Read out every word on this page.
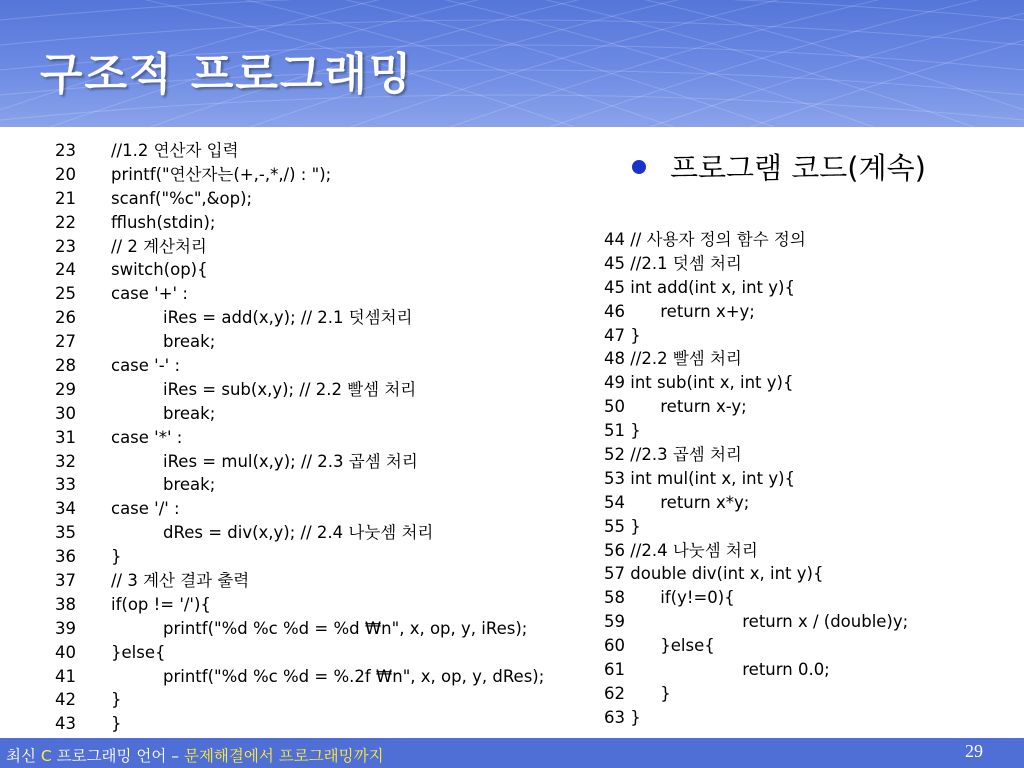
구조적 프로그래밍
23 //1.2 연산자 입력
20 printf("연산자는(+,-,*,/) : ");
21 scanf("%c",&op);
22 fflush(stdin);
23 // 2 계산처리
24 switch(op){
25 case '+' :
26	iRes = add(x,y); // 2.1 덧셈처리
27	break;
28 case '-' :
29	iRes = sub(x,y); // 2.2 빨셈 처리
30	break;
31 case '*' :
32	iRes = mul(x,y); // 2.3 곱셈 처리
33	break;
34 case '/' :
35	dRes = div(x,y); // 2.4 나눗셈 처리
36 }
37 // 3 계산 결과 출력
38 if(op != '/'){
39	printf("%d %c %d = %d ₩n", x, op, y, iRes);
40 }else{
41	printf("%d %c %d = %.2f ₩n", x, op, y, dRes);
42 }
43 }
프로그램 코드(계속)
44 // 사용자 정의 함수 정의
45 //2.1 덧셈 처리
45 int add(int x, int y){
46 return x+y;
47 }
48 //2.2 빨셈 처리
49 int sub(int x, int y){
50 return x-y;
51 }
52 //2.3 곱셈 처리
53 int mul(int x, int y){
54 return x*y;
55 }
56 //2.4 나눗셈 처리
57 double div(int x, int y){
58 if(y!=0){
59	return x / (double)y;
60 }else{
61	return 0.0;
62 }
63 }
최신 C 프로그래밍 언어 – 문제해결에서 프로그래밍까지	29
